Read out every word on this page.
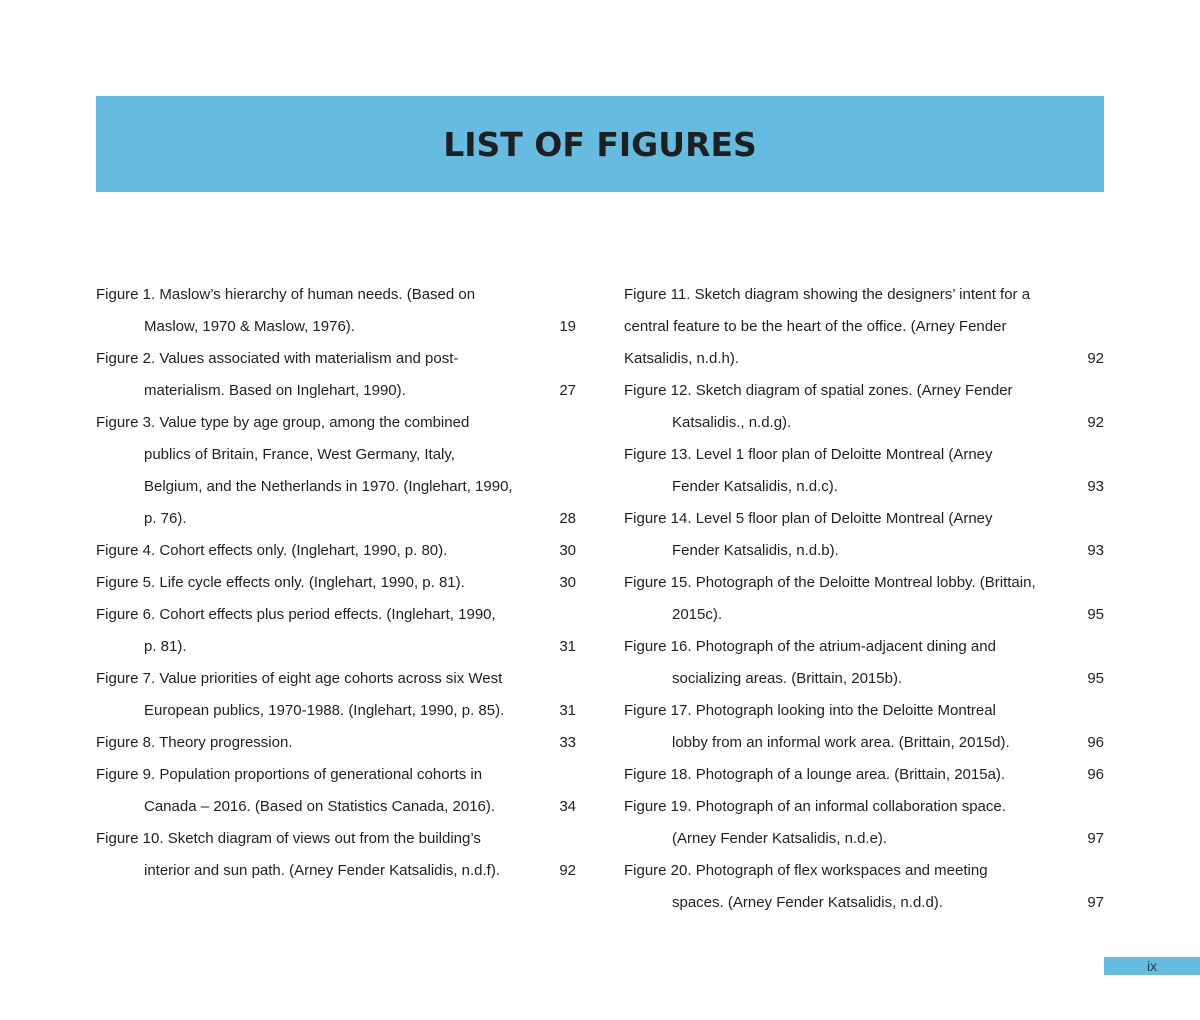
LIST OF FIGURES
Figure 1. Maslow’s hierarchy of human needs. (Based on
Maslow, 1970 & Maslow, 1976).	19
Figure 2. Values associated with materialism and post-
materialism. Based on Inglehart, 1990).	27
Figure 3. Value type by age group, among the combined
publics of Britain, France, West Germany, Italy,
Belgium, and the Netherlands in 1970. (Inglehart, 1990,
p. 76).	28
Figure 4. Cohort effects only. (Inglehart, 1990, p. 80).	30
Figure 5. Life cycle effects only. (Inglehart, 1990, p. 81).	30
Figure 6. Cohort effects plus period effects. (Inglehart, 1990,
p. 81).	31
Figure 7. Value priorities of eight age cohorts across six West
European publics, 1970-1988. (Inglehart, 1990, p. 85).	31
Figure 8. Theory progression.	33
Figure 9. Population proportions of generational cohorts in
Canada – 2016. (Based on Statistics Canada, 2016).	34
Figure 10. Sketch diagram of views out from the building’s
interior and sun path. (Arney Fender Katsalidis, n.d.f).	92
Figure 11. Sketch diagram showing the designers’ intent for a
central feature to be the heart of the office. (Arney Fender
Katsalidis, n.d.h).	92
Figure 12. Sketch diagram of spatial zones. (Arney Fender
Katsalidis., n.d.g).	92
Figure 13. Level 1 floor plan of Deloitte Montreal (Arney
Fender Katsalidis, n.d.c).	93
Figure 14. Level 5 floor plan of Deloitte Montreal (Arney
Fender Katsalidis, n.d.b).	93
Figure 15. Photograph of the Deloitte Montreal lobby. (Brittain,
2015c).	95
Figure 16. Photograph of the atrium-adjacent dining and
socializing areas. (Brittain, 2015b).	95
Figure 17. Photograph looking into the Deloitte Montreal
lobby from an informal work area. (Brittain, 2015d).	96
Figure 18. Photograph of a lounge area. (Brittain, 2015a).	96
Figure 19. Photograph of an informal collaboration space.
(Arney Fender Katsalidis, n.d.e).	97
Figure 20. Photograph of flex workspaces and meeting
spaces. (Arney Fender Katsalidis, n.d.d).	97
ix
